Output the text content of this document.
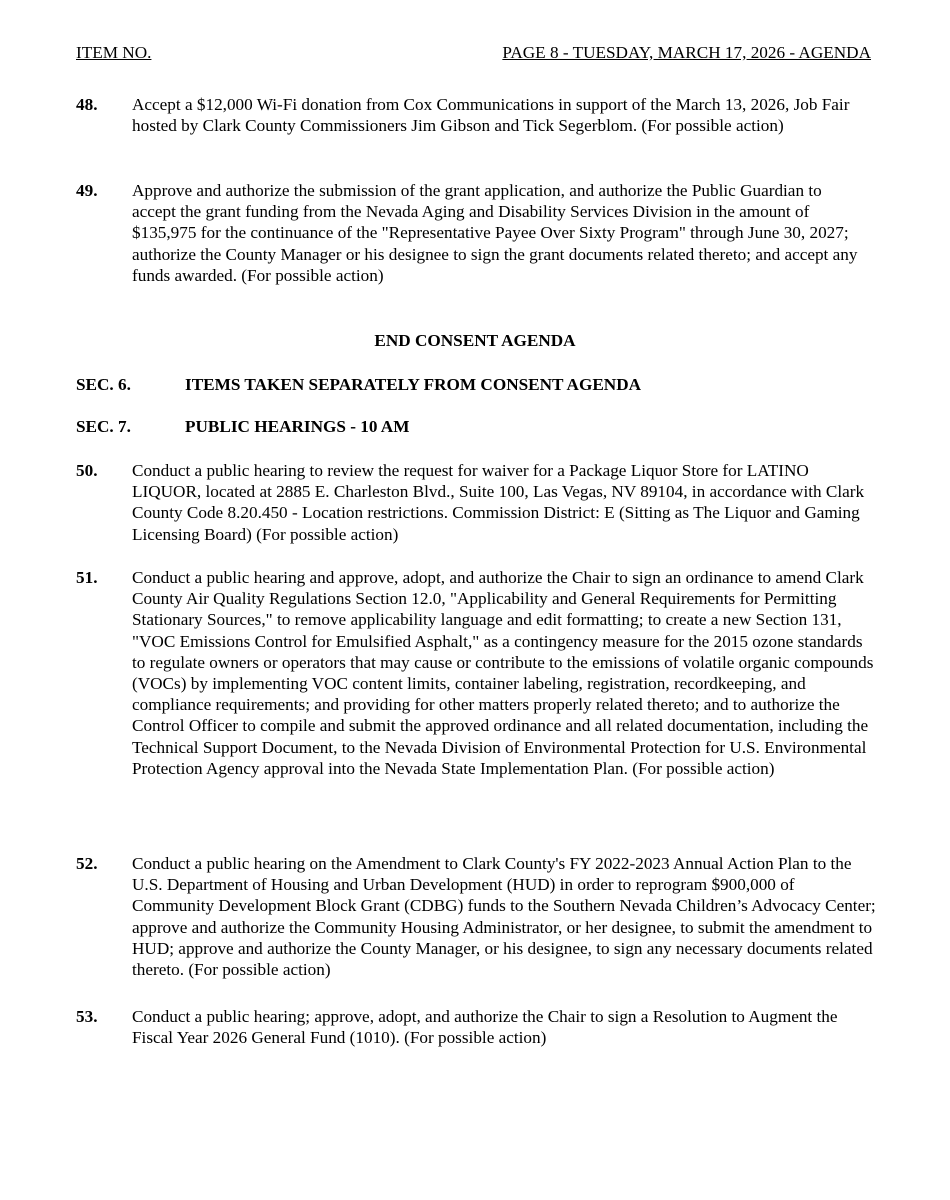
ITEM NO.	PAGE 8 - TUESDAY, MARCH 17, 2026 - AGENDA
48. Accept a $12,000 Wi-Fi donation from Cox Communications in support of the March 13, 2026, Job Fair hosted by Clark County Commissioners Jim Gibson and Tick Segerblom. (For possible action)
49. Approve and authorize the submission of the grant application, and authorize the Public Guardian to accept the grant funding from the Nevada Aging and Disability Services Division in the amount of $135,975 for the continuance of the "Representative Payee Over Sixty Program" through June 30, 2027; authorize the County Manager or his designee to sign the grant documents related thereto; and accept any funds awarded. (For possible action)
END CONSENT AGENDA
SEC. 6.	ITEMS TAKEN SEPARATELY FROM CONSENT AGENDA
SEC. 7.	PUBLIC HEARINGS - 10 AM
50. Conduct a public hearing to review the request for waiver for a Package Liquor Store for LATINO LIQUOR, located at 2885 E. Charleston Blvd., Suite 100, Las Vegas, NV 89104, in accordance with Clark County Code 8.20.450 - Location restrictions. Commission District: E (Sitting as The Liquor and Gaming Licensing Board) (For possible action)
51. Conduct a public hearing and approve, adopt, and authorize the Chair to sign an ordinance to amend Clark County Air Quality Regulations Section 12.0, "Applicability and General Requirements for Permitting Stationary Sources," to remove applicability language and edit formatting; to create a new Section 131, "VOC Emissions Control for Emulsified Asphalt," as a contingency measure for the 2015 ozone standards to regulate owners or operators that may cause or contribute to the emissions of volatile organic compounds (VOCs) by implementing VOC content limits, container labeling, registration, recordkeeping, and compliance requirements; and providing for other matters properly related thereto; and to authorize the Control Officer to compile and submit the approved ordinance and all related documentation, including the Technical Support Document, to the Nevada Division of Environmental Protection for U.S. Environmental Protection Agency approval into the Nevada State Implementation Plan. (For possible action)
52. Conduct a public hearing on the Amendment to Clark County's FY 2022-2023 Annual Action Plan to the U.S. Department of Housing and Urban Development (HUD) in order to reprogram $900,000 of Community Development Block Grant (CDBG) funds to the Southern Nevada Children’s Advocacy Center; approve and authorize the Community Housing Administrator, or her designee, to submit the amendment to HUD; approve and authorize the County Manager, or his designee, to sign any necessary documents related thereto. (For possible action)
53. Conduct a public hearing; approve, adopt, and authorize the Chair to sign a Resolution to Augment the Fiscal Year 2026 General Fund (1010). (For possible action)
